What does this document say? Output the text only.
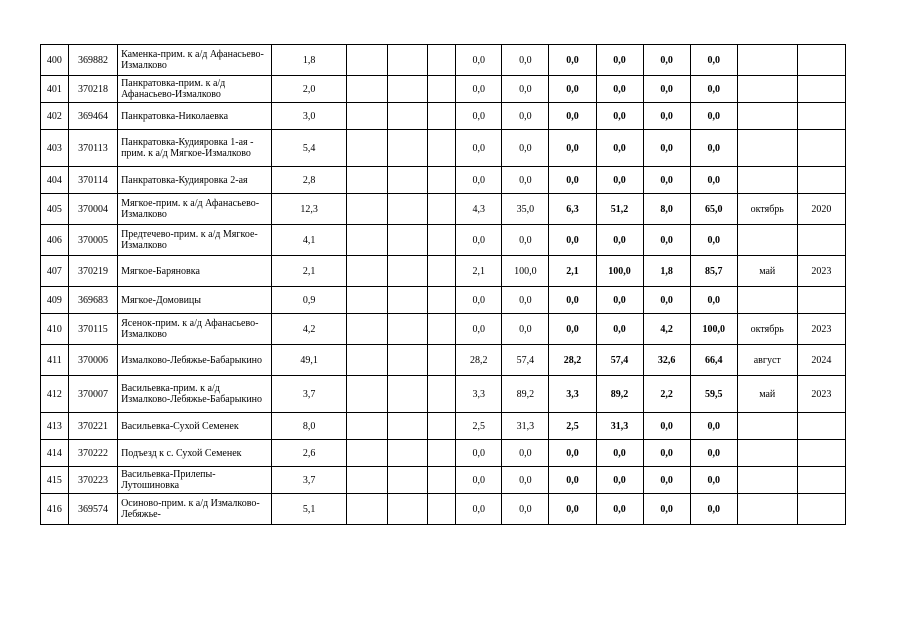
400	369882	Каменка-прим. к а/д Афанасьево-Измалково	1,8				0,0	0,0	0,0	0,0	0,0	0,0		
401	370218	Панкратовка-прим. к а/д Афанасьево-Измалково	2,0				0,0	0,0	0,0	0,0	0,0	0,0		
402	369464	Панкратовка-Николаевка	3,0				0,0	0,0	0,0	0,0	0,0	0,0		
403	370113	Панкратовка-Кудияровка 1-ая - прим. к а/д Мягкое-Измалково	5,4				0,0	0,0	0,0	0,0	0,0	0,0		
404	370114	Панкратовка-Кудияровка 2-ая	2,8				0,0	0,0	0,0	0,0	0,0	0,0		
405	370004	Мягкое-прим. к а/д Афанасьево-Измалково	12,3				4,3	35,0	6,3	51,2	8,0	65,0	октябрь	2020
406	370005	Предтечево-прим. к а/д Мягкое- Измалково	4,1				0,0	0,0	0,0	0,0	0,0	0,0		
407	370219	Мягкое-Баряновка	2,1				2,1	100,0	2,1	100,0	1,8	85,7	май	2023
409	369683	Мягкое-Домовицы	0,9				0,0	0,0	0,0	0,0	0,0	0,0		
410	370115	Ясенок-прим. к а/д Афанасьево-Измалково	4,2				0,0	0,0	0,0	0,0	4,2	100,0	октябрь	2023
411	370006	Измалково-Лебяжье-Бабарыкино	49,1				28,2	57,4	28,2	57,4	32,6	66,4	август	2024
412	370007	Васильевка-прим. к а/д Измалково-Лебяжье-Бабарыкино	3,7				3,3	89,2	3,3	89,2	2,2	59,5	май	2023
413	370221	Васильевка-Сухой Семенек	8,0				2,5	31,3	2,5	31,3	0,0	0,0		
414	370222	Подъезд к с. Сухой Семенек	2,6				0,0	0,0	0,0	0,0	0,0	0,0		
415	370223	Васильевка-Прилепы-Лутошиновка	3,7				0,0	0,0	0,0	0,0	0,0	0,0		
416	369574	Осиново-прим. к а/д Измалково-Лебяжье-	5,1				0,0	0,0	0,0	0,0	0,0	0,0		
